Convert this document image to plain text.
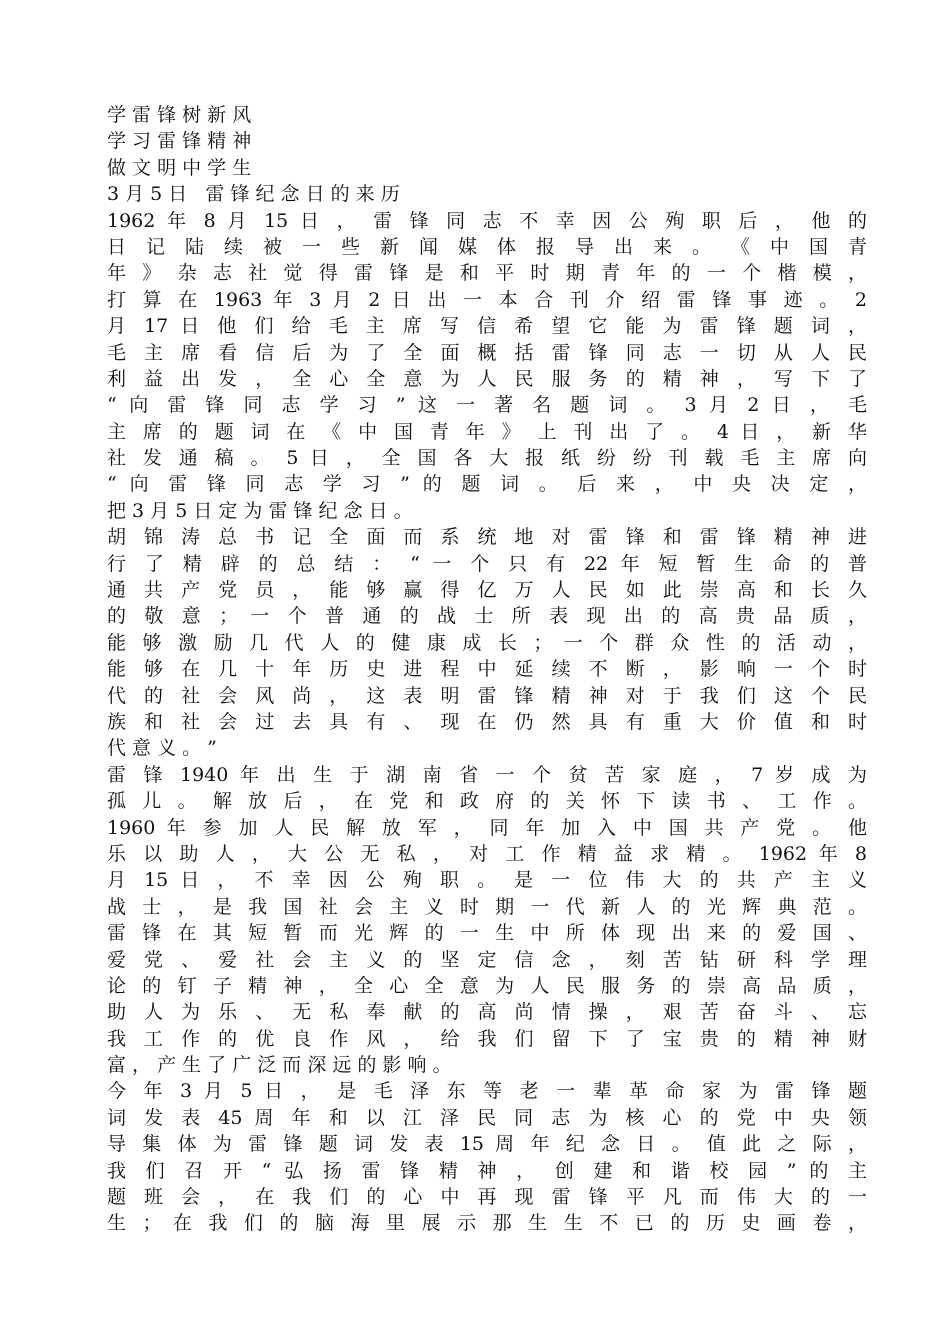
学 雷 锋 树 新 风
学 习 雷 锋 精 神
做 文 明 中 学 生
3 月 5 日   雷 锋 纪 念 日 的 来 历
1962 年 8 月 15 日 ， 雷 锋 同 志 不 幸 因 公 殉 职 后 ， 他 的
日 记 陆 续 被 一 些 新 闻 媒 体 报 导 出 来 。 《 中 国 青
年 》 杂 志 社 觉 得 雷 锋 是 和 平 时 期 青 年 的 一 个 楷 模 ，
打 算 在 1963 年 3 月 2 日 出 一 本 合 刊 介 绍 雷 锋 事 迹 。 2
月 17 日 他 们 给 毛 主 席 写 信 希 望 它 能 为 雷 锋 题 词 ，
毛 主 席 看 信 后 为 了 全 面 概 括 雷 锋 同 志 一 切 从 人 民
利 益 出 发 ， 全 心 全 意 为 人 民 服 务 的 精 神 ， 写 下 了
“ 向 雷 锋 同 志 学 习 ” 这 一 著 名 题 词 。 3 月 2 日 ， 毛
主 席 的 题 词 在 《 中 国 青 年 》 上 刊 出 了 。 4 日 ， 新 华
社 发 通 稿 。 5 日 ， 全 国 各 大 报 纸 纷 纷 刊 载 毛 主 席 向
“ 向 雷 锋 同 志 学 习 ” 的 题 词 。 后 来 ， 中 央 决 定 ，
把 3 月 5 日 定 为 雷 锋 纪 念 日 。
胡 锦 涛 总 书 记 全 面 而 系 统 地 对 雷 锋 和 雷 锋 精 神 进
行 了 精 辟 的 总 结 ： “ 一 个 只 有 22 年 短 暂 生 命 的 普
通 共 产 党 员 ， 能 够 赢 得 亿 万 人 民 如 此 崇 高 和 长 久
的 敬 意 ； 一 个 普 通 的 战 士 所 表 现 出 的 高 贵 品 质 ，
能 够 激 励 几 代 人 的 健 康 成 长 ； 一 个 群 众 性 的 活 动 ，
能 够 在 几 十 年 历 史 进 程 中 延 续 不 断 ， 影 响 一 个 时
代 的 社 会 风 尚 ， 这 表 明 雷 锋 精 神 对 于 我 们 这 个 民
族 和 社 会 过 去 具 有 、 现 在 仍 然 具 有 重 大 价 值 和 时
代 意 义 。 ”
雷 锋 1940 年 出 生 于 湖 南 省 一 个 贫 苦 家 庭 ， 7 岁 成 为
孤 儿 。 解 放 后 ， 在 党 和 政 府 的 关 怀 下 读 书 、 工 作 。
1960 年 参 加 人 民 解 放 军 ， 同 年 加 入 中 国 共 产 党 。 他
乐 以 助 人 ， 大 公 无 私 ， 对 工 作 精 益 求 精 。 1962 年 8
月 15 日 ， 不 幸 因 公 殉 职 。 是 一 位 伟 大 的 共 产 主 义
战 士 ， 是 我 国 社 会 主 义 时 期 一 代 新 人 的 光 辉 典 范 。
雷 锋 在 其 短 暂 而 光 辉 的 一 生 中 所 体 现 出 来 的 爱 国 、
爱 党 、 爱 社 会 主 义 的 坚 定 信 念 ， 刻 苦 钻 研 科 学 理
论 的 钉 子 精 神 ， 全 心 全 意 为 人 民 服 务 的 崇 高 品 质 ，
助 人 为 乐 、 无 私 奉 献 的 高 尚 情 操 ， 艰 苦 奋 斗 、 忘
我 工 作 的 优 良 作 风 ， 给 我 们 留 下 了 宝 贵 的 精 神 财
富 ， 产 生 了 广 泛 而 深 远 的 影 响 。
今 年 3 月 5 日 ， 是 毛 泽 东 等 老 一 辈 革 命 家 为 雷 锋 题
词 发 表 45 周 年 和 以 江 泽 民 同 志 为 核 心 的 党 中 央 领
导 集 体 为 雷 锋 题 词 发 表 15 周 年 纪 念 日 。 值 此 之 际 ，
我 们 召 开 “ 弘 扬 雷 锋 精 神 ， 创 建 和 谐 校 园 ” 的 主
题 班 会 ， 在 我 们 的 心 中 再 现 雷 锋 平 凡 而 伟 大 的 一
生 ； 在 我 们 的 脑 海 里 展 示 那 生 生 不 已 的 历 史 画 卷 ，
